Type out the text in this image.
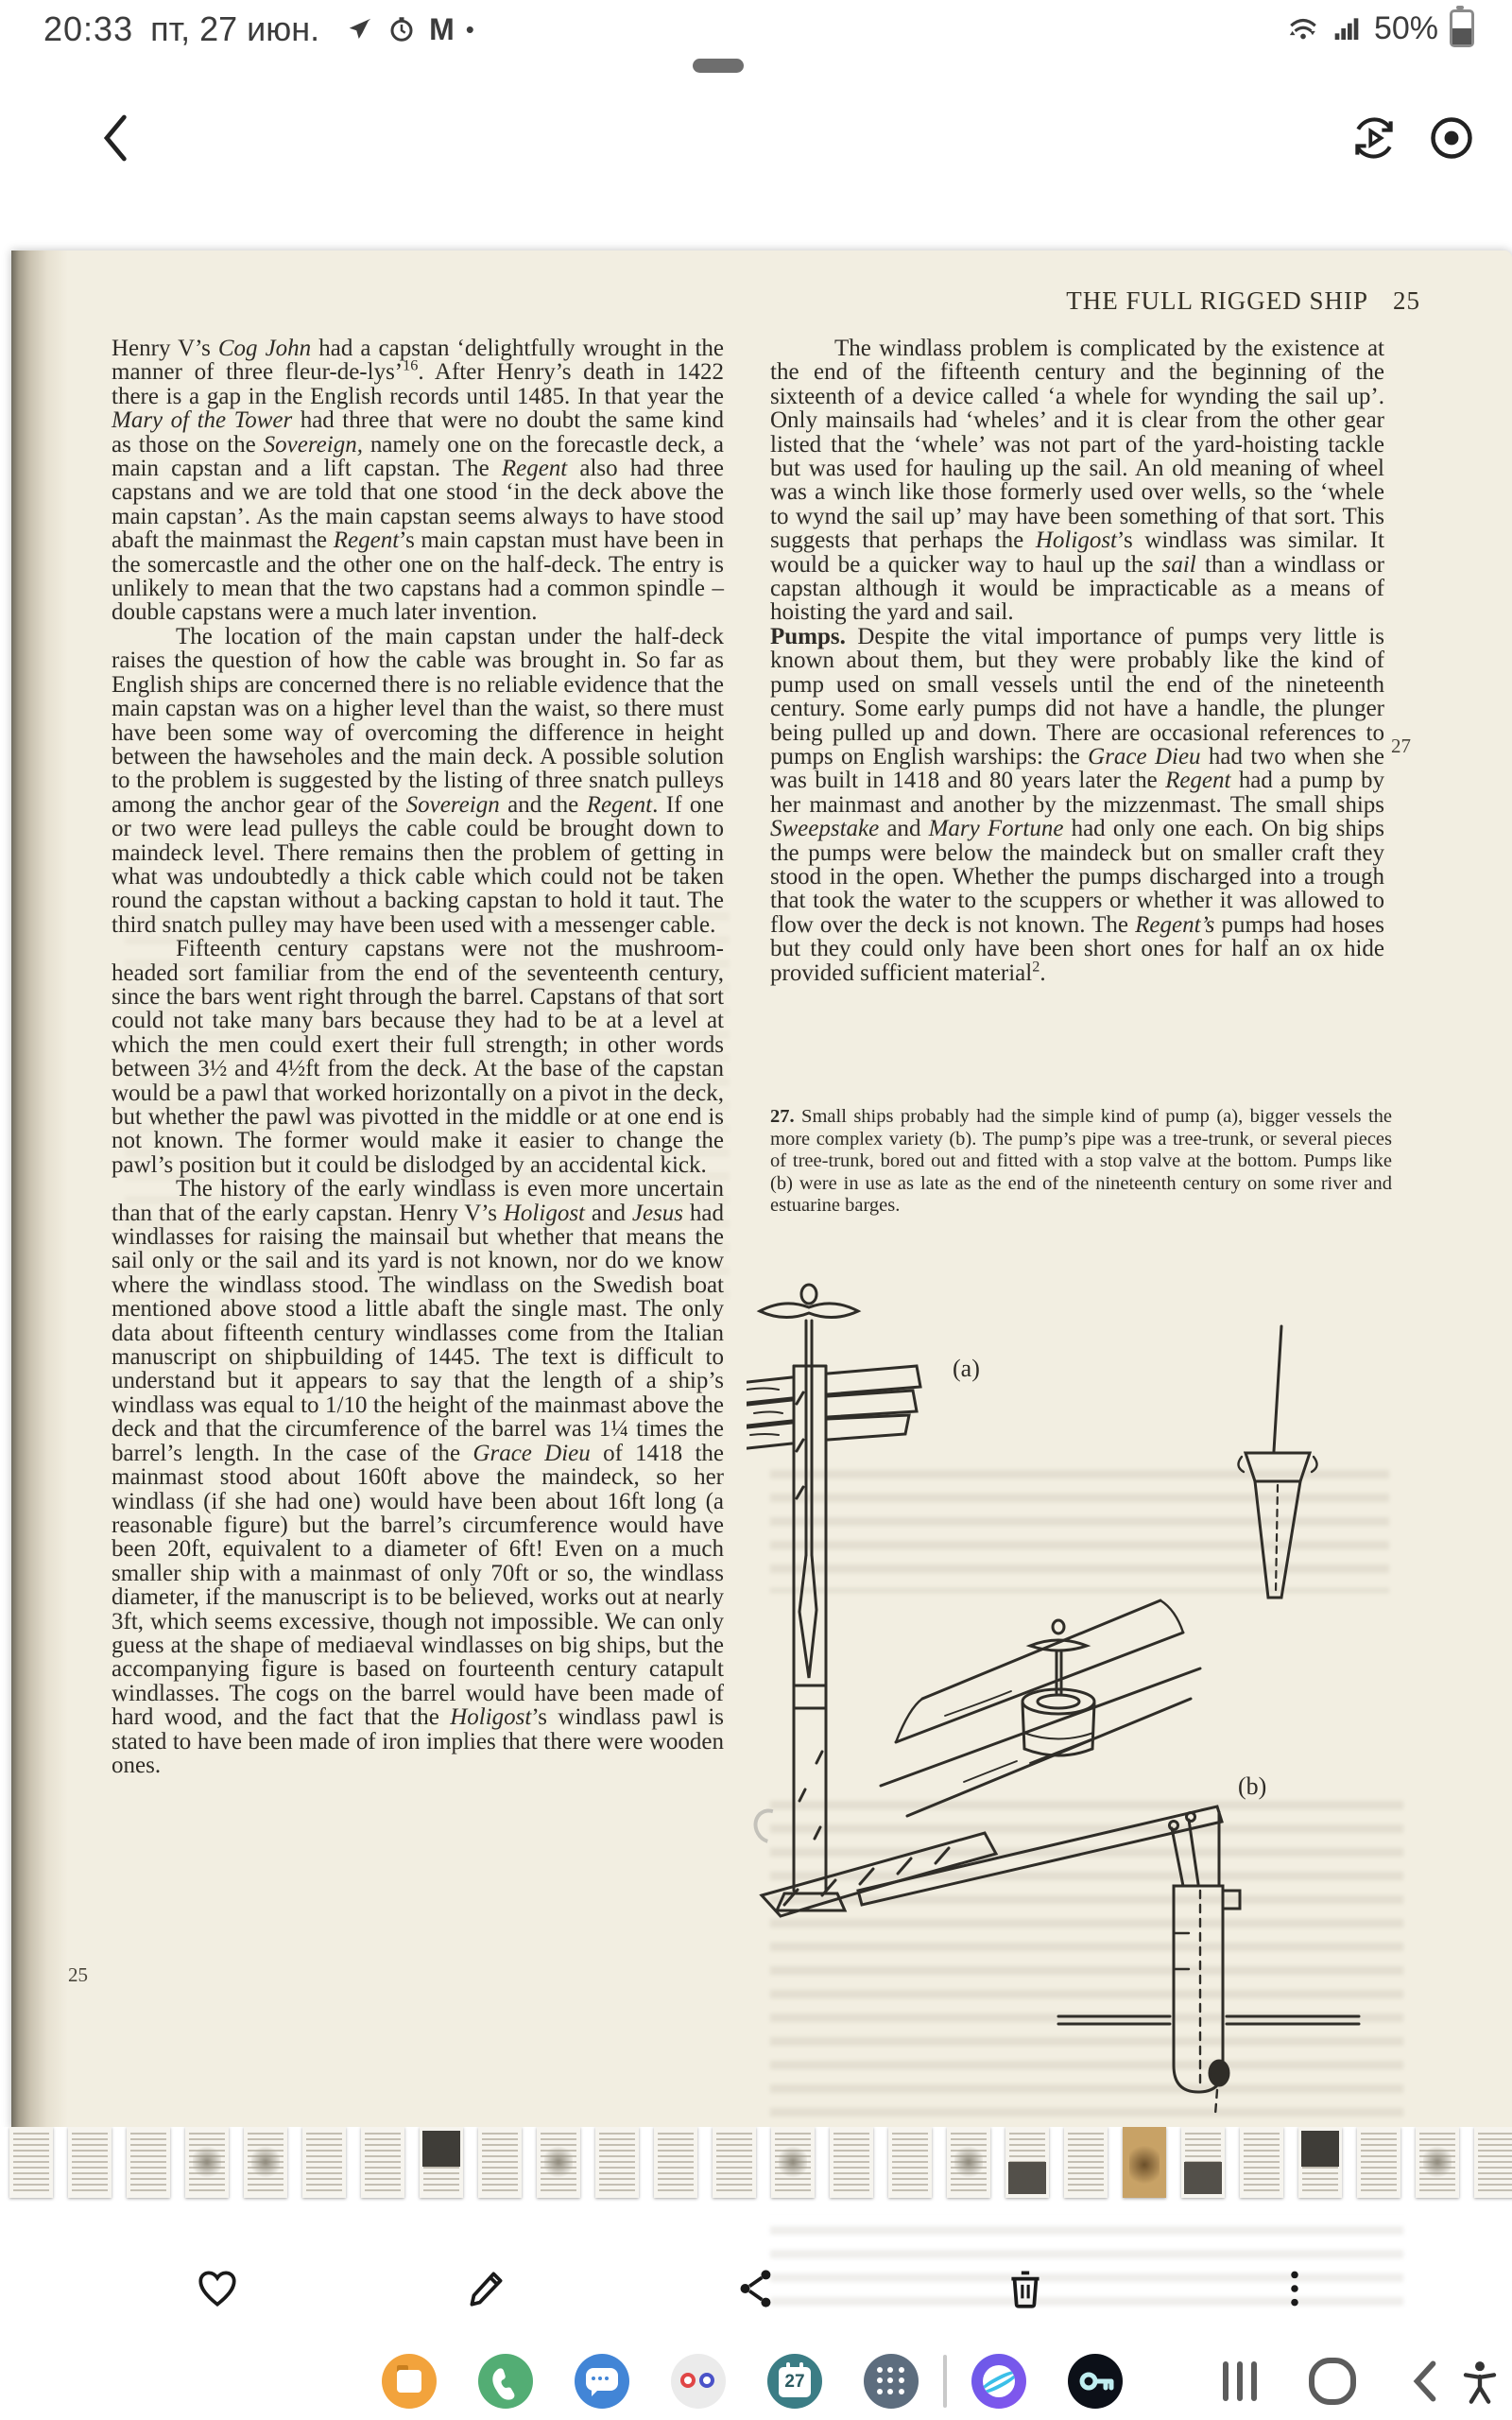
20:33 пт, 27 июн.	M •	50%
THE FULL RIGGED SHIP 25

Henry V’s Cog John had a capstan ‘delightfully wrought in the manner of three fleur-de-lys’$^{16}$. After Henry’s death in 1422 there is a gap in the English records until 1485. In that year the Mary of the Tower had three that were no doubt the same kind as those on the Sovereign, namely one on the forecastle deck, a main capstan and a lift capstan. The Regent also had three capstans and we are told that one stood ‘in the deck above the main capstan’. As the main capstan seems always to have stood abaft the mainmast the Regent’s main capstan must have been in the somercastle and the other one on the half-deck. The entry is unlikely to mean that the two capstans had a common spindle – double capstans were a much later invention.

The location of the main capstan under the half-deck raises the question of how the cable was brought in. So far as English ships are concerned there is no reliable evidence that the main capstan was on a higher level than the waist, so there must have been some way of overcoming the difference in height between the hawseholes and the main deck. A possible solution to the problem is suggested by the listing of three snatch pulleys among the anchor gear of the Sovereign and the Regent. If one or two were lead pulleys the cable could be brought down to maindeck level. There remains then the problem of getting in what was undoubtedly a thick cable which could not be taken round the capstan without a backing capstan to hold it taut. The third snatch pulley may have been used with a messenger cable.

Fifteenth century capstans were not the mushroom-headed sort familiar from the end of the seventeenth century, since the bars went right through the barrel. Capstans of that sort could not take many bars because they had to be at a level at which the men could exert their full strength; in other words between 3½ and 4½ft from the deck. At the base of the capstan would be a pawl that worked horizontally on a pivot in the deck, but whether the pawl was pivotted in the middle or at one end is not known. The former would make it easier to change the pawl’s position but it could be dislodged by an accidental kick.

The history of the early windlass is even more uncertain than that of the early capstan. Henry V’s Holigost and Jesus had windlasses for raising the mainsail but whether that means the sail only or the sail and its yard is not known, nor do we know where the windlass stood. The windlass on the Swedish boat mentioned above stood a little abaft the single mast. The only data about fifteenth century windlasses come from the Italian manuscript on shipbuilding of 1445. The text is difficult to understand but it appears to say that the length of a ship’s windlass was equal to 1/10 the height of the mainmast above the deck and that the circumference of the barrel was 1¼ times the barrel’s length. In the case of the Grace Dieu of 1418 the mainmast stood about 160ft above the maindeck, so her windlass (if she had one) would have been about 16ft long (a reasonable figure) but the barrel’s circumference would have been 20ft, equivalent to a diameter of 6ft! Even on a much smaller ship with a mainmast of only 70ft or so, the windlass diameter, if the manuscript is to be believed, works out at nearly 3ft, which seems excessive, though not impossible. We can only guess at the shape of mediaeval windlasses on big ships, but the accompanying figure is based on fourteenth century catapult windlasses. The cogs on the barrel would have been made of hard wood, and the fact that the Holigost’s windlass pawl is stated to have been made of iron implies that there were wooden ones.

The windlass problem is complicated by the existence at the end of the fifteenth century and the beginning of the sixteenth of a device called ‘a whele for wynding the sail up’. Only mainsails had ‘wheles’ and it is clear from the other gear listed that the ‘whele’ was not part of the yard-hoisting tackle but was used for hauling up the sail. An old meaning of wheel was a winch like those formerly used over wells, so the ‘whele to wynd the sail up’ may have been something of that sort. This suggests that perhaps the Holigost’s windlass was similar. It would be a quicker way to haul up the sail than a windlass or capstan although it would be impracticable as a means of hoisting the yard and sail.

Pumps. Despite the vital importance of pumps very little is known about them, but they were probably like the kind of pump used on small vessels until the end of the nineteenth century. Some early pumps did not have a handle, the plunger being pulled up and down. There are occasional references to pumps on English warships: the Grace Dieu had two when she was built in 1418 and 80 years later the Regent had a pump by her mainmast and another by the mizzenmast. The small ships Sweepstake and Mary Fortune had only one each. On big ships the pumps were below the maindeck but on smaller craft they stood in the open. Whether the pumps discharged into a trough that took the water to the scuppers or whether it was allowed to flow over the deck is not known. The Regent’s pumps had hoses but they could only have been short ones for half an ox hide provided sufficient material$^2$.

27. Small ships probably had the simple kind of pump (a), bigger vessels the more complex variety (b). The pump’s pipe was a tree-trunk, or several pieces of tree-trunk, bored out and fitted with a stop valve at the bottom. Pumps like (b) were in use as late as the end of the nineteenth century on some river and estuarine barges.
27
25
(a)
(b)
27
